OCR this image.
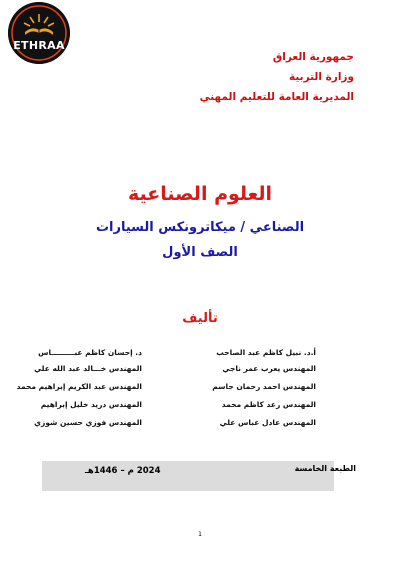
ETHRAA
جمهورية العراق
وزارة التربية
المديرية العامة للتعليم المهني
العلوم الصناعية
الصناعي / ميكاترونكس السيارات
الصف الأول
تأليف
أ.د. نبيل كاظم عبد الصاحب
المهندس يعرب عمر ناجي
المهندس احمد رحمان جاسم
المهندس رعد كاظم محمد
المهندس عادل عباس علي
د. إحسان كاظم عبـــــــــاس
المهندس خـــالد عبد الله علي
المهندس عبد الكريم إبراهيم محمد
المهندس دريد خليل إبراهيم
المهندس فوزي حسين شوزي
الطبعة الخامسة
2024 م – 1446هـ
1
